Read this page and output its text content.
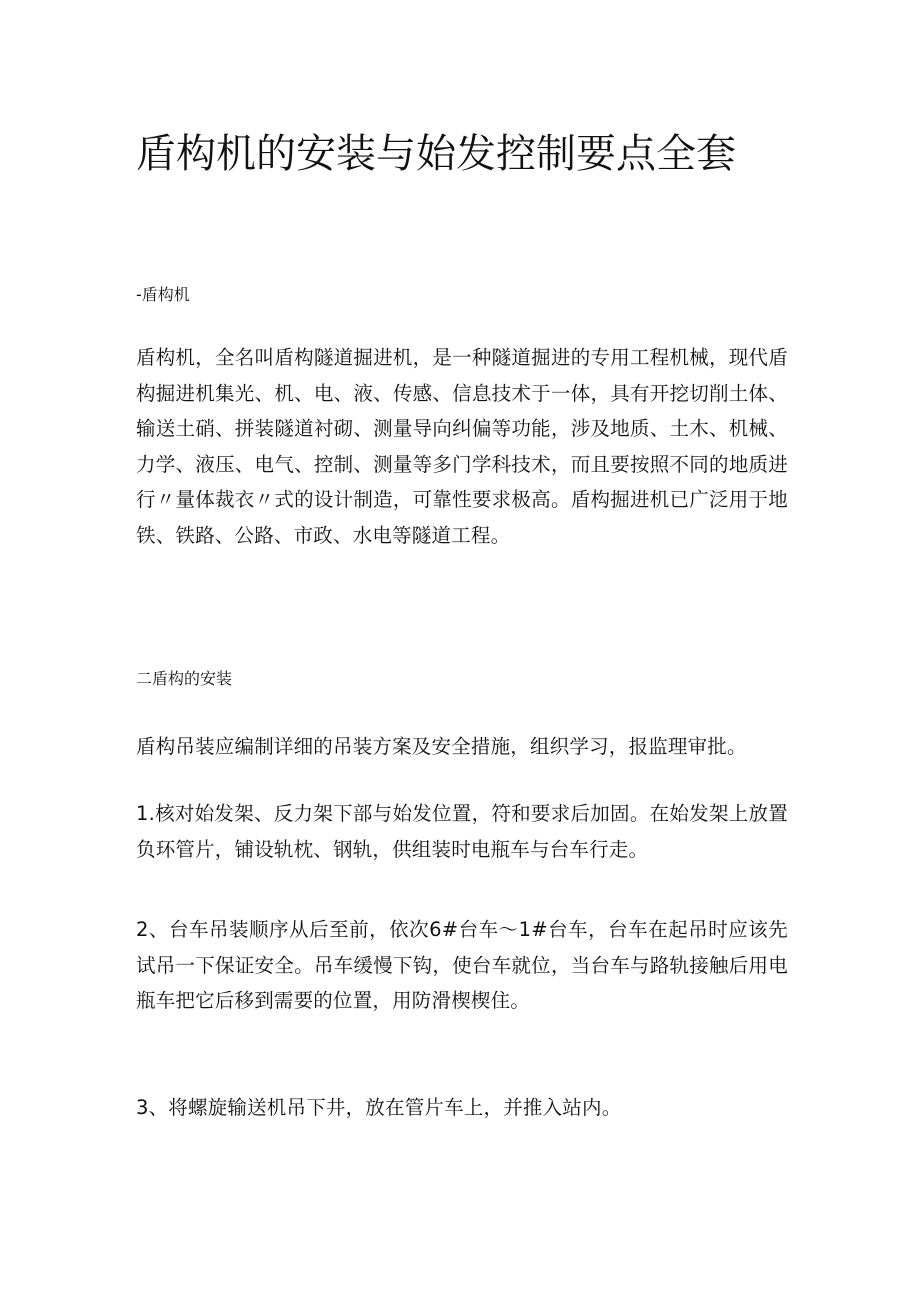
盾构机的安装与始发控制要点全套

-盾构机

盾构机，全名叫盾构隧道掘进机，是一种隧道掘进的专用工程机械，现代盾构掘进机集光、机、电、液、传感、信息技术于一体，具有开挖切削土体、输送土硝、拼装隧道衬砌、测量导向纠偏等功能，涉及地质、土木、机械、力学、液压、电气、控制、测量等多门学科技术，而且要按照不同的地质进行〃量体裁衣〃式的设计制造，可靠性要求极高。盾构掘进机已广泛用于地铁、铁路、公路、市政、水电等隧道工程。

二盾构的安装

盾构吊装应编制详细的吊装方案及安全措施，组织学习，报监理审批。

1.核对始发架、反力架下部与始发位置，符和要求后加固。在始发架上放置负环管片，铺设轨枕、钢轨，供组装时电瓶车与台车行走。

2、台车吊装顺序从后至前，依次6#台车〜1#台车，台车在起吊时应该先试吊一下保证安全。吊车缓慢下钩，使台车就位，当台车与路轨接触后用电瓶车把它后移到需要的位置，用防滑楔楔住。

3、将螺旋输送机吊下井，放在管片车上，并推入站内。
